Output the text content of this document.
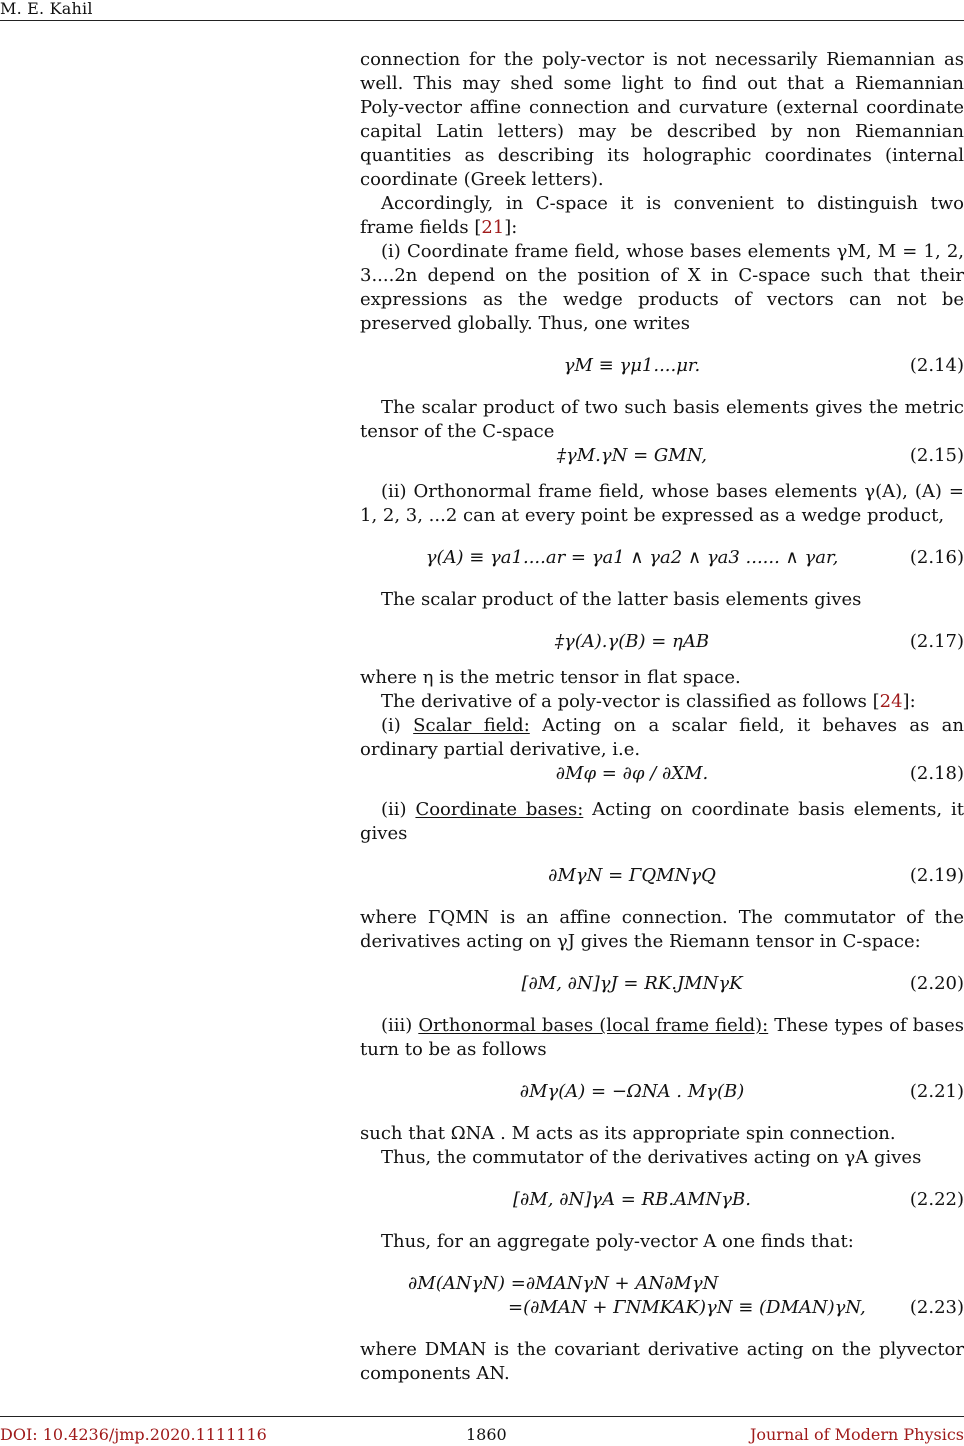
M. E. Kahil

connection for the poly-vector is not necessarily Riemannian as well. This may shed some light to find out that a Riemannian Poly-vector affine connection and curvature (external coordinate capital Latin letters) may be described by non Riemannian quantities as describing its holographic coordinates (internal coordinate (Greek letters).

Accordingly, in C-space it is convenient to distinguish two frame fields [21]:

(i) Coordinate frame field, whose bases elements γM, M = 1, 2, 3....2n depend on the position of X in C-space such that their expressions as the wedge products of vectors can not be preserved globally. Thus, one writes

γM ≡ γμ1....μr.	(2.14)

The scalar product of two such basis elements gives the metric tensor of the C-space

‡γM.γN = GMN,	(2.15)

(ii) Orthonormal frame field, whose bases elements γ(A), (A) = 1, 2, 3, ...2 can at every point be expressed as a wedge product,

γ(A) ≡ γa1....ar = γa1 ∧ γa2 ∧ γa3 ...... ∧ γar,	(2.16)

The scalar product of the latter basis elements gives

‡γ(A).γ(B) = ηAB	(2.17)

where η is the metric tensor in flat space.

The derivative of a poly-vector is classified as follows [24]:

(i) Scalar field: Acting on a scalar field, it behaves as an ordinary partial derivative, i.e.

∂Mφ = ∂φ / ∂XM.	(2.18)

(ii) Coordinate bases: Acting on coordinate basis elements, it gives

∂MγN = ΓQMNγQ	(2.19)

where ΓQMN is an affine connection. The commutator of the derivatives acting on γJ gives the Riemann tensor in C-space:

[∂M, ∂N]γJ = RK.JMNγK	(2.20)

(iii) Orthonormal bases (local frame field): These types of bases turn to be as follows

∂Mγ(A) = −ΩNA . Mγ(B)	(2.21)

such that ΩNA . M acts as its appropriate spin connection.

Thus, the commutator of the derivatives acting on γA gives

[∂M, ∂N]γA = RB.AMNγB.	(2.22)

Thus, for an aggregate poly-vector A one finds that:

∂M(ANγN) =∂MANγN + AN∂MγN
=(∂MAN + ΓNMKAK)γN ≡ (DMAN)γN,	(2.23)

where DMAN is the covariant derivative acting on the plyvector components AN.

DOI: 10.4236/jmp.2020.1111116	1860	Journal of Modern Physics
